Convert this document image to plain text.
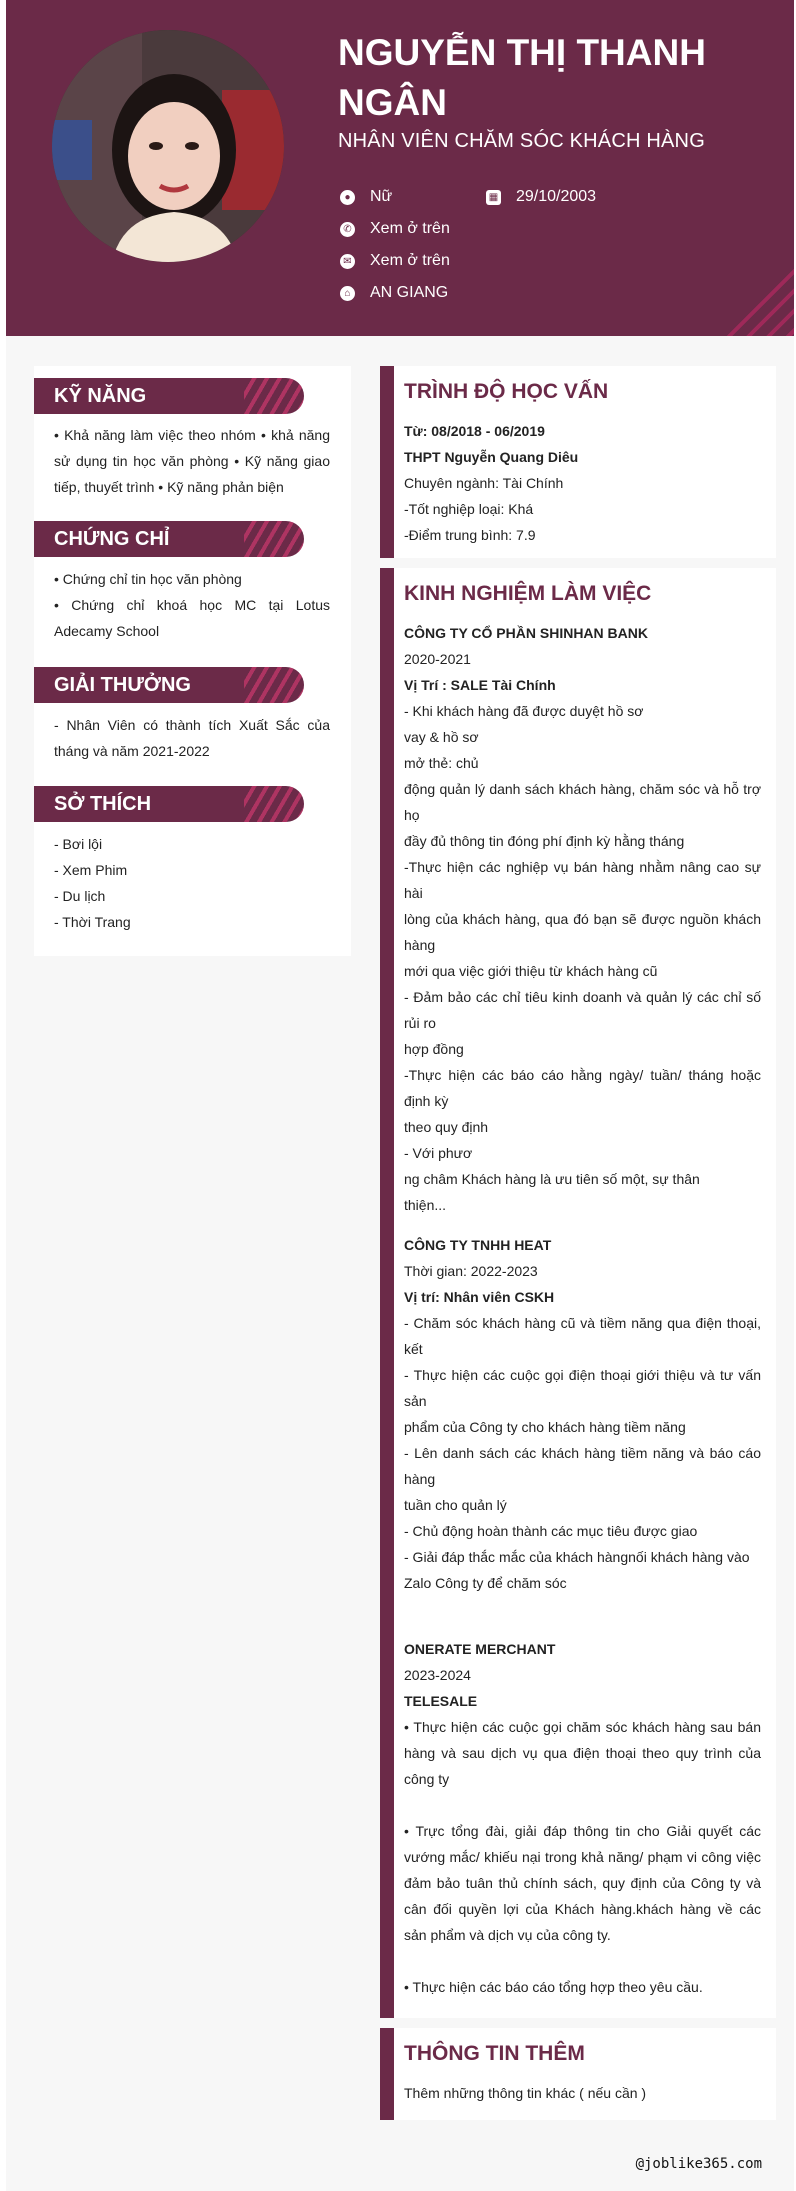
NGUYỄN THỊ THANH NGÂN
NHÂN VIÊN CHĂM SÓC KHÁCH HÀNG
● Nữ	▦ 29/10/2003
✆ Xem ở trên
✉ Xem ở trên
⌂ AN GIANG
KỸ NĂNG
• Khả năng làm việc theo nhóm • khả năng sử dụng tin học văn phòng • Kỹ năng giao tiếp, thuyết trình • Kỹ năng phản biện
CHỨNG CHỈ
• Chứng chỉ tin học văn phòng
• Chứng chỉ khoá học MC tại Lotus Adecamy School
GIẢI THƯỞNG
- Nhân Viên có thành tích Xuất Sắc của tháng và năm 2021-2022
SỞ THÍCH
- Bơi lội
- Xem Phim
- Du lịch
- Thời Trang
TRÌNH ĐỘ HỌC VẤN
Từ: 08/2018 - 06/2019
THPT Nguyễn Quang Diêu
Chuyên ngành: Tài Chính
-Tốt nghiệp loại: Khá
-Điểm trung bình: 7.9
KINH NGHIỆM LÀM VIỆC
CÔNG TY CỔ PHẦN SHINHAN BANK
2020-2021
Vị Trí : SALE Tài Chính
- Khi khách hàng đã được duyệt hồ sơ
vay & hồ sơ
mở thẻ: chủ
động quản lý danh sách khách hàng, chăm sóc và hỗ trợ họ
đầy đủ thông tin đóng phí định kỳ hằng tháng
-Thực hiện các nghiệp vụ bán hàng nhằm nâng cao sự hài
lòng của khách hàng, qua đó bạn sẽ được nguồn khách hàng
mới qua việc giới thiệu từ khách hàng cũ
- Đảm bảo các chỉ tiêu kinh doanh và quản lý các chỉ số rủi ro
hợp đồng
-Thực hiện các báo cáo hằng ngày/ tuần/ tháng hoặc định kỳ
theo quy định
- Với phươ
ng châm Khách hàng là ưu tiên số một, sự thân
thiện...
CÔNG TY TNHH HEAT
Thời gian: 2022-2023
Vị trí: Nhân viên CSKH
- Chăm sóc khách hàng cũ và tiềm năng qua điện thoại, kết
- Thực hiện các cuộc gọi điện thoại giới thiệu và tư vấn sản
phẩm của Công ty cho khách hàng tiềm năng
- Lên danh sách các khách hàng tiềm năng và báo cáo hàng
tuần cho quản lý
- Chủ động hoàn thành các mục tiêu được giao
- Giải đáp thắc mắc của khách hàngnối khách hàng vào
Zalo Công ty để chăm sóc
ONERATE MERCHANT
2023-2024
TELESALE
• Thực hiện các cuộc gọi chăm sóc khách hàng sau bán hàng và sau dịch vụ qua điện thoại theo quy trình của công ty
• Trực tổng đài, giải đáp thông tin cho Giải quyết các vướng mắc/ khiếu nại trong khả năng/ phạm vi công việc đảm bảo tuân thủ chính sách, quy định của Công ty và cân đối quyền lợi của Khách hàng.khách hàng về các sản phẩm và dịch vụ của công ty.
• Thực hiện các báo cáo tổng hợp theo yêu cầu.
THÔNG TIN THÊM
Thêm những thông tin khác ( nếu cần )
@joblike365.com
